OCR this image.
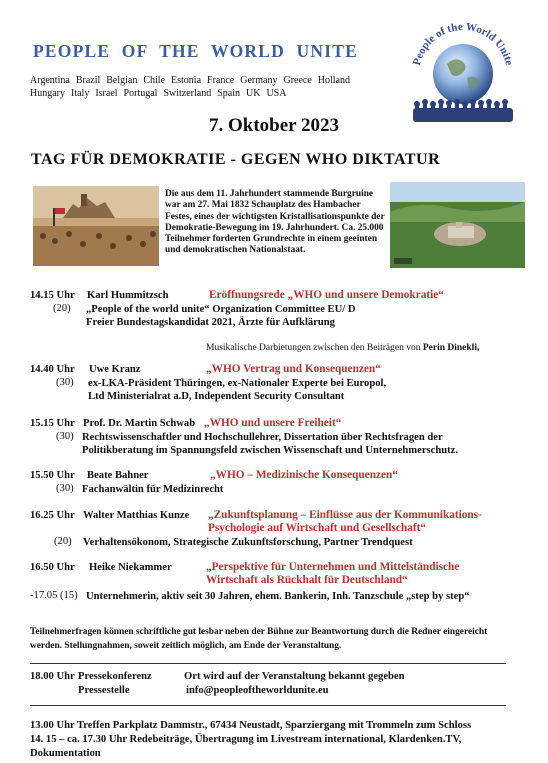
PEOPLE OF THE WORLD UNITE
Argentina Brazil Belgian Chile Estonia France Germany Greece Holland
Hungary Italy Israel Portugal Switzerland Spain UK USA
People of the World Unite
7. Oktober 2023
TAG FÜR DEMOKRATIE - GEGEN WHO DIKTATUR
Die aus dem 11. Jahrhundert stammende Burgruine war am 27. Mai 1832 Schauplatz des Hambacher Festes, eines der wichtigsten Kristallisationspunkte der Demokratie-Bewegung im 19. Jahrhundert. Ca. 25.000 Teilnehmer forderten Grundrechte in einem geeinten und demokratischen Nationalstaat.
14.15 Uhr Karl Hummitzsch	Eröffnungsrede „WHO und unsere Demokratie“
(20) „People of the world unite“ Organization Committee EU/ D
Freier Bundestagskandidat 2021, Ärzte für Aufklärung
Musikalische Darbietungen zwischen den Beiträgen von Perin Dinekli,
14.40 Uhr Uwe Kranz	„WHO Vertrag und Konsequenzen“
(30) ex-LKA-Präsident Thüringen, ex-Nationaler Experte bei Europol,
Ltd Ministerialrat a.D, Independent Security Consultant
15.15 Uhr Prof. Dr. Martin Schwab „WHO und unsere Freiheit“
(30) Rechtswissenschaftler und Hochschullehrer, Dissertation über Rechtsfragen der
Politikberatung im Spannungsfeld zwischen Wissenschaft und Unternehmerschutz.
15.50 Uhr Beate Bahner	„WHO – Medizinische Konsequenzen“
(30) Fachanwältin für Medizinrecht
16.25 Uhr Walter Matthias Kunze „Zukunftsplanung – Einflüsse aus der Kommunikations-
Psychologie auf Wirtschaft und Gesellschaft“
(20) Verhaltensökonom, Strategische Zukunftsforschung, Partner Trendquest
16.50 Uhr Heike Niekammer	„Perspektive für Unternehmen und Mittelständische
Wirtschaft als Rückhalt für Deutschland“
-17.05 (15) Unternehmerin, aktiv seit 30 Jahren, ehem. Bankerin, Inh. Tanzschule „step by step“
Teilnehmerfragen können schriftliche gut lesbar neben der Bühne zur Beantwortung durch die Redner eingereicht werden. Stellungnahmen, soweit zeitlich möglich, am Ende der Veranstaltung.
18.00 Uhr Pressekonferenz	Ort wird auf der Veranstaltung bekannt gegeben
Pressestelle	info@peopleoftheworldunite.eu
13.00 Uhr Treffen Parkplatz Dammstr., 67434 Neustadt, Sparziergang mit Trommeln zum Schloss
14. 15 – ca. 17.30 Uhr Redebeiträge, Übertragung im Livestream international, Klardenken.TV,
Dokumentation
